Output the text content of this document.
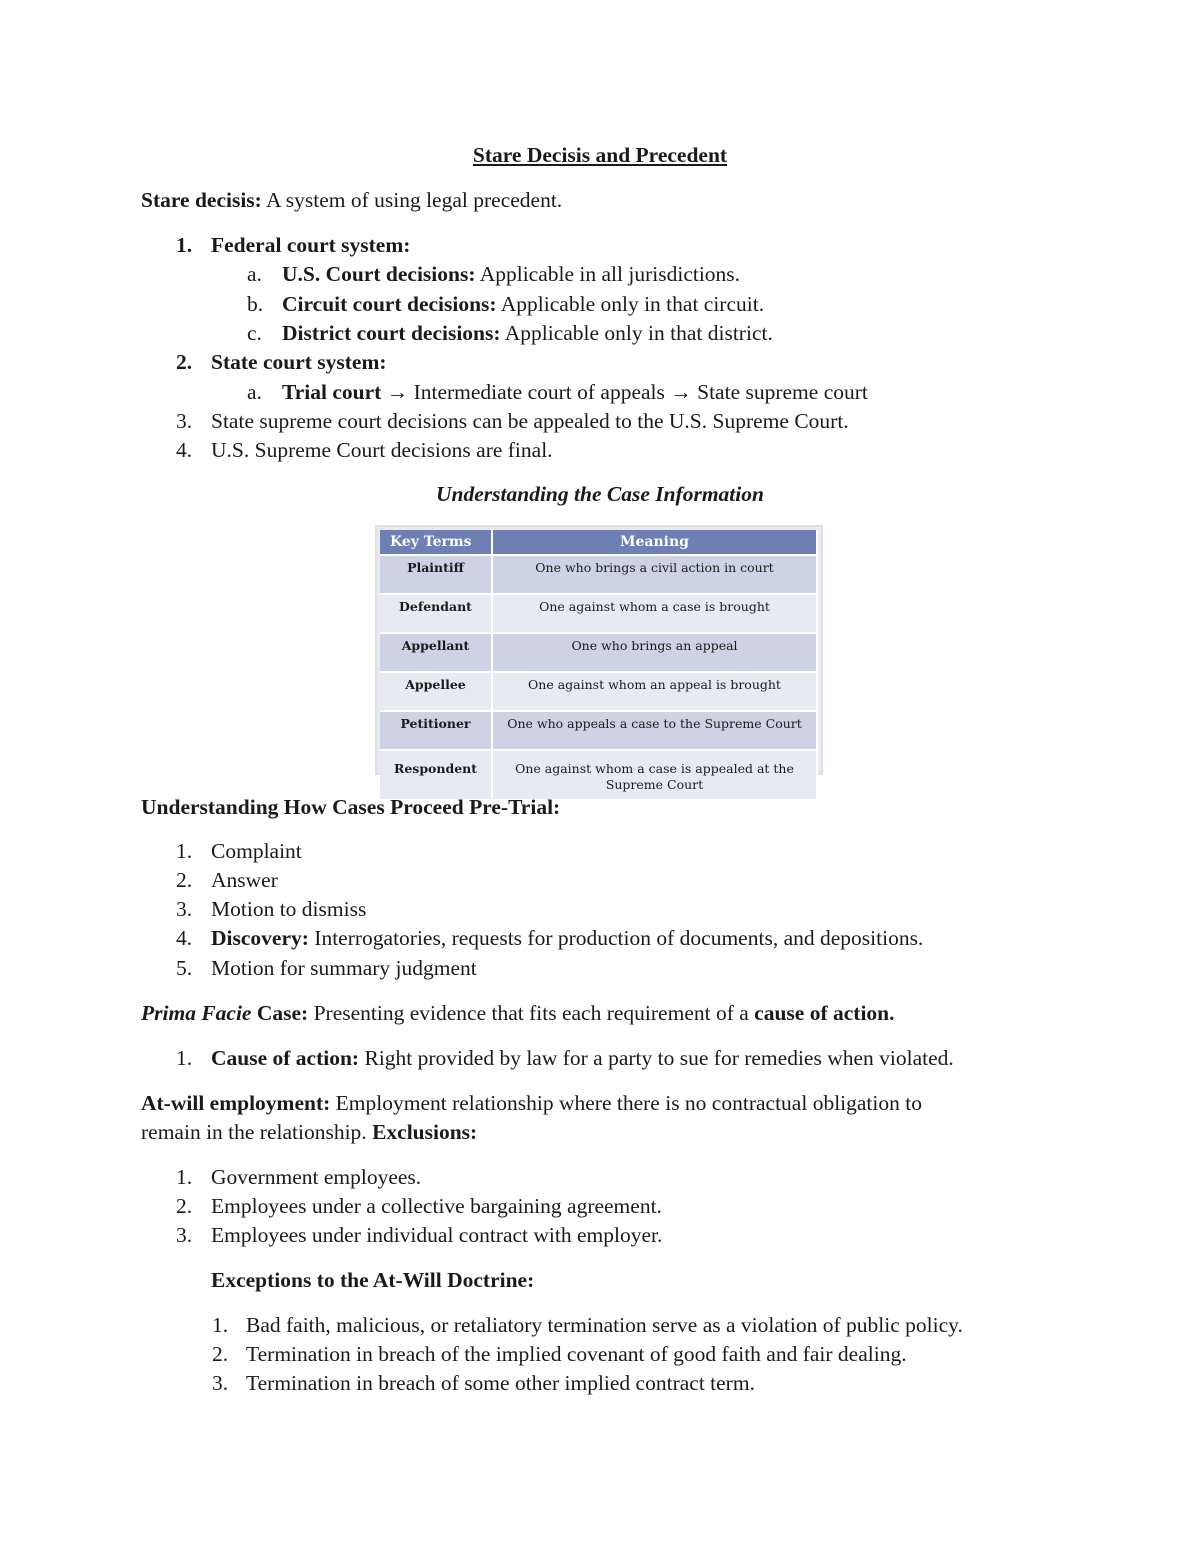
Stare Decisis and Precedent
Stare decisis: A system of using legal precedent.
1. Federal court system:
a. U.S. Court decisions: Applicable in all jurisdictions.
b. Circuit court decisions: Applicable only in that circuit.
c. District court decisions: Applicable only in that district.
2. State court system:
a. Trial court → Intermediate court of appeals → State supreme court
3. State supreme court decisions can be appealed to the U.S. Supreme Court.
4. U.S. Supreme Court decisions are final.
Understanding the Case Information
Key Terms	Meaning
Plaintiff	One who brings a civil action in court
Defendant	One against whom a case is brought
Appellant	One who brings an appeal
Appellee	One against whom an appeal is brought
Petitioner	One who appeals a case to the Supreme Court
Respondent	One against whom a case is appealed at the Supreme Court
Understanding How Cases Proceed Pre-Trial:
1. Complaint
2. Answer
3. Motion to dismiss
4. Discovery: Interrogatories, requests for production of documents, and depositions.
5. Motion for summary judgment
Prima Facie Case: Presenting evidence that fits each requirement of a cause of action.
1. Cause of action: Right provided by law for a party to sue for remedies when violated.
At-will employment: Employment relationship where there is no contractual obligation to
remain in the relationship. Exclusions:
1. Government employees.
2. Employees under a collective bargaining agreement.
3. Employees under individual contract with employer.
Exceptions to the At-Will Doctrine:
1. Bad faith, malicious, or retaliatory termination serve as a violation of public policy.
2. Termination in breach of the implied covenant of good faith and fair dealing.
3. Termination in breach of some other implied contract term.
